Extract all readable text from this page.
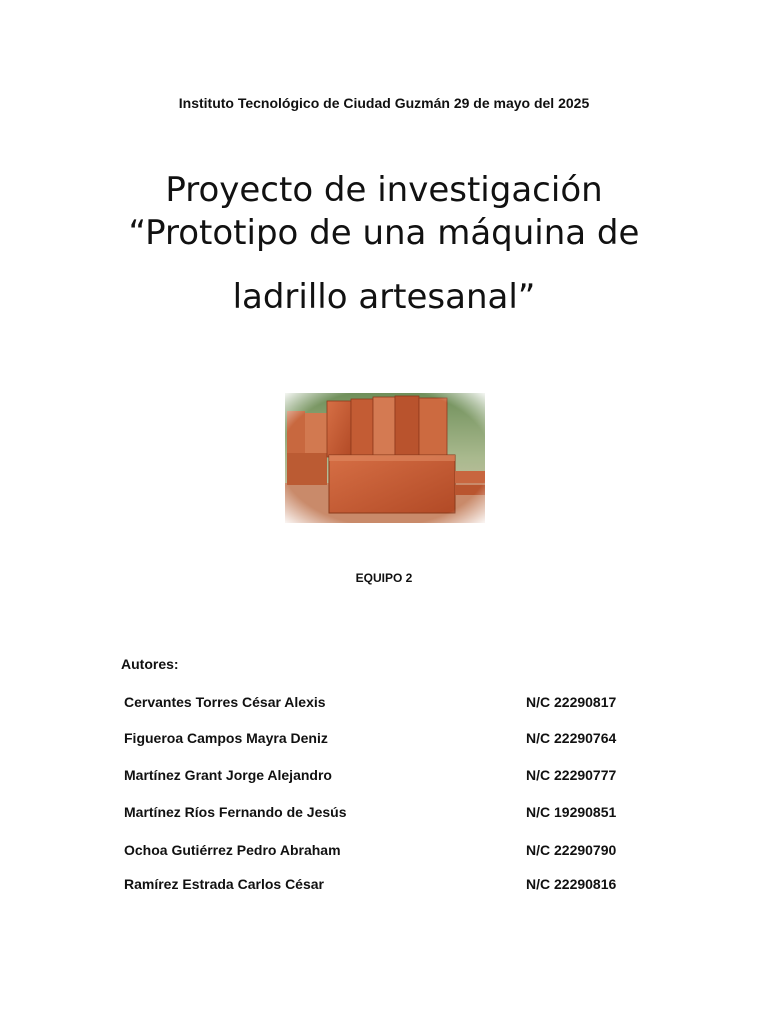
Instituto Tecnológico de Ciudad Guzmán 29 de mayo del 2025
Proyecto de investigación
“Prototipo de una máquina de
ladrillo artesanal”
EQUIPO 2
Autores:
Cervantes Torres César Alexis	N/C 22290817
Figueroa Campos Mayra Deniz	N/C 22290764
Martínez Grant Jorge Alejandro	N/C 22290777
Martínez Ríos Fernando de Jesús	N/C 19290851
Ochoa Gutiérrez Pedro Abraham	N/C 22290790
Ramírez Estrada Carlos César	N/C 22290816
